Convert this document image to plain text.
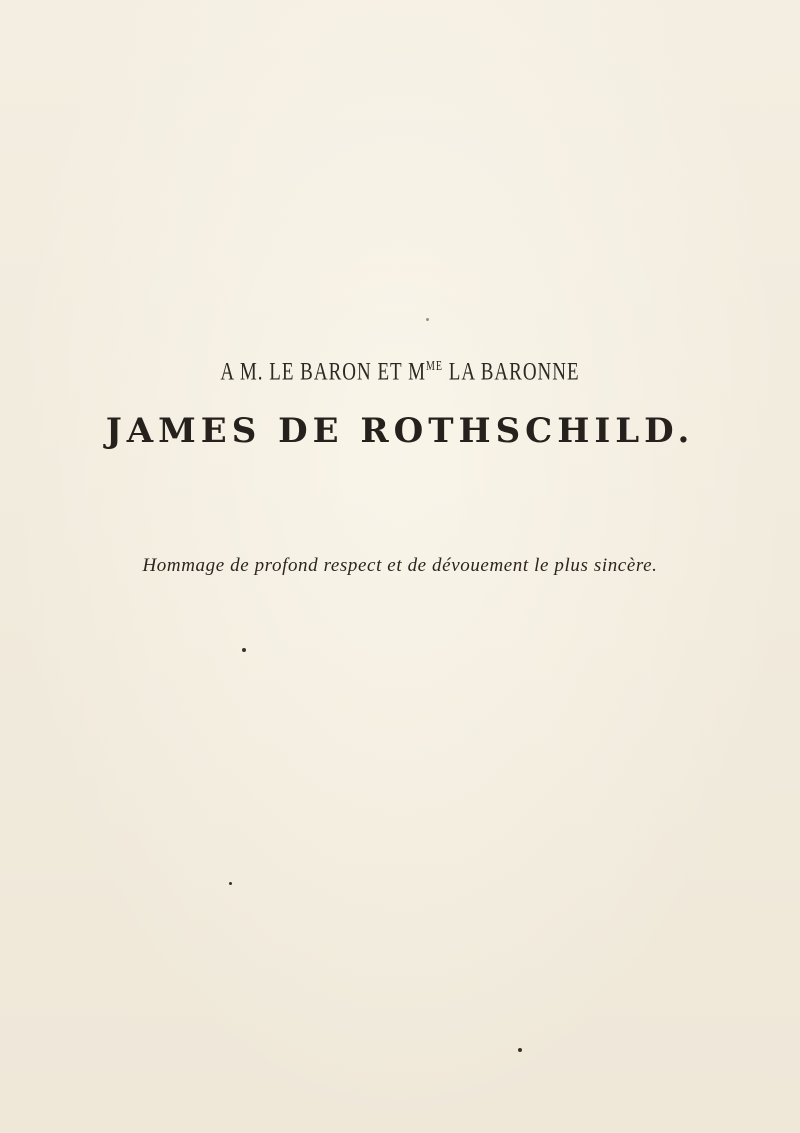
A M. LE BARON ET $M^{ME}$ LA BARONNE
JAMES DE ROTHSCHILD.
Hommage de profond respect et de dévouement le plus sincère.
